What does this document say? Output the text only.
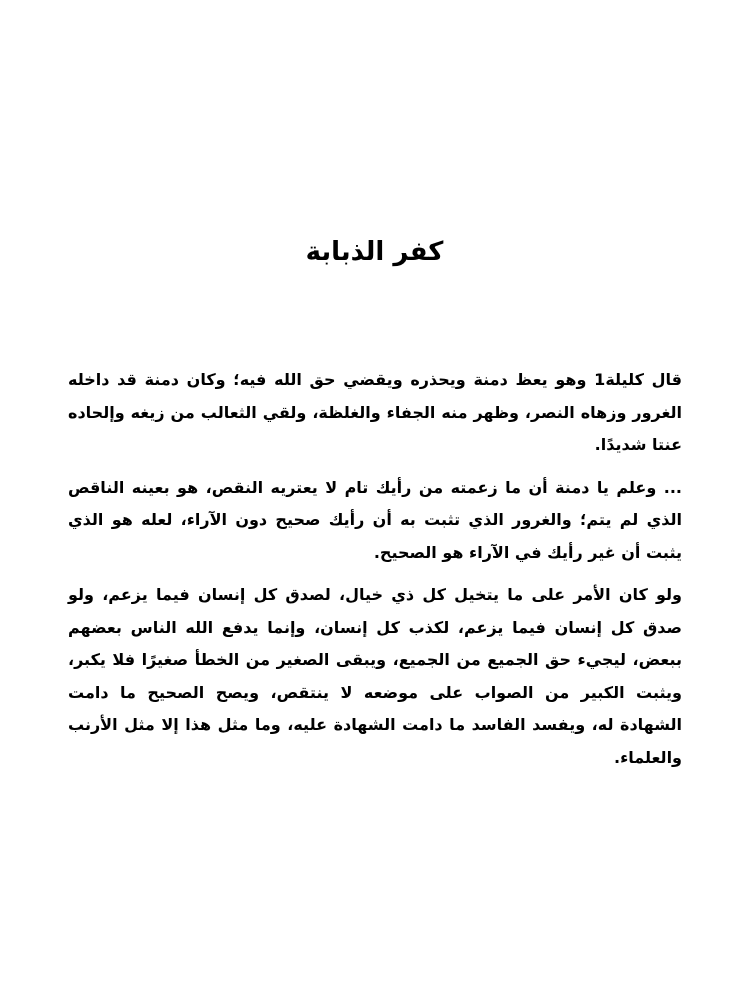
كفر الذبابة

قال كليلة1 وهو يعظ دمنة ويحذره ويقضي حق الله فيه؛ وكان دمنة قد داخله الغرور وزهاه النصر، وظهر منه الجفاء والغلظة، ولقي الثعالب من زيغه وإلحاده عنتا شديدًا.

... وعلم يا دمنة أن ما زعمته من رأيك تام لا يعتريه النقص، هو بعينه الناقص الذي لم يتم؛ والغرور الذي تثبت به أن رأيك صحيح دون الآراء، لعله هو الذي يثبت أن غير رأيك في الآراء هو الصحيح.

ولو كان الأمر على ما يتخيل كل ذي خيال، لصدق كل إنسان فيما يزعم، ولو صدق كل إنسان فيما يزعم، لكذب كل إنسان، وإنما يدفع الله الناس بعضهم ببعض، ليجيء حق الجميع من الجميع، ويبقى الصغير من الخطأ صغيرًا فلا يكبر، ويثبت الكبير من الصواب على موضعه لا ينتقص، ويصح الصحيح ما دامت الشهادة له، ويفسد الفاسد ما دامت الشهادة عليه، وما مثل هذا إلا مثل الأرنب والعلماء.
